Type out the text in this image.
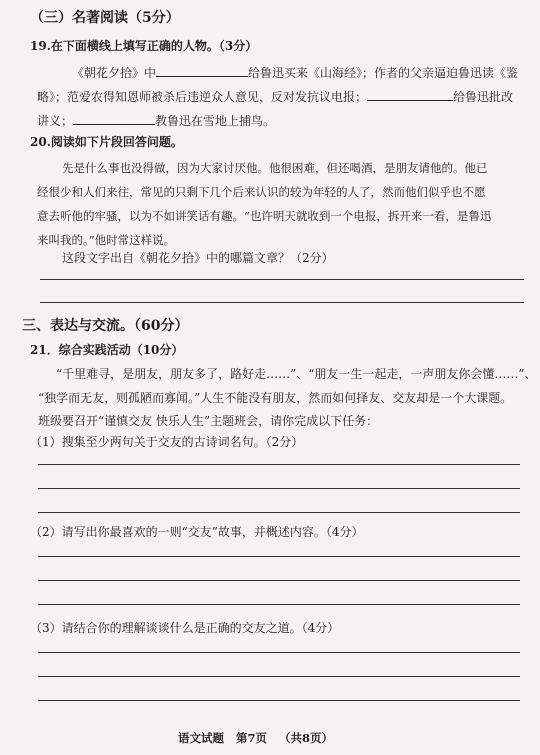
（三）名著阅读（5分）
19.在下面横线上填写正确的人物。（3分）
《朝花夕拾》中	给鲁迅买来《山海经》；作者的父亲逼迫鲁迅读《鉴
略》；范爱农得知恩师被杀后违逆众人意见，反对发抗议电报；	给鲁迅批改
讲义；	教鲁迅在雪地上捕鸟。
20.阅读如下片段回答问题。
先是什么事也没得做，因为大家讨厌他。他很困难，但还喝酒，是朋友请他的。他已
经很少和人们来往，常见的只剩下几个后来认识的较为年轻的人了，然而他们似乎也不愿
意去听他的牢骚，以为不如讲笑话有趣。“也许明天就收到一个电报，拆开来一看，是鲁迅
来叫我的。”他时常这样说。
这段文字出自《朝花夕拾》中的哪篇文章？（2分）
三、表达与交流。（60分）
21．综合实践活动（10分）
“千里难寻，是朋友，朋友多了，路好走……”、“朋友一生一起走，一声朋友你会懂……”、
“独学而无友，则孤陋而寡闻。”人生不能没有朋友，然而如何择友、交友却是一个大课题。
班级要召开“谨慎交友 快乐人生”主题班会，请你完成以下任务：
（1）搜集至少两句关于交友的古诗词名句。（2分）
（2）请写出你最喜欢的一则“交友”故事，并概述内容。（4分）
（3）请结合你的理解谈谈什么是正确的交友之道。（4分）
语文试题 第7页 （共8页）
